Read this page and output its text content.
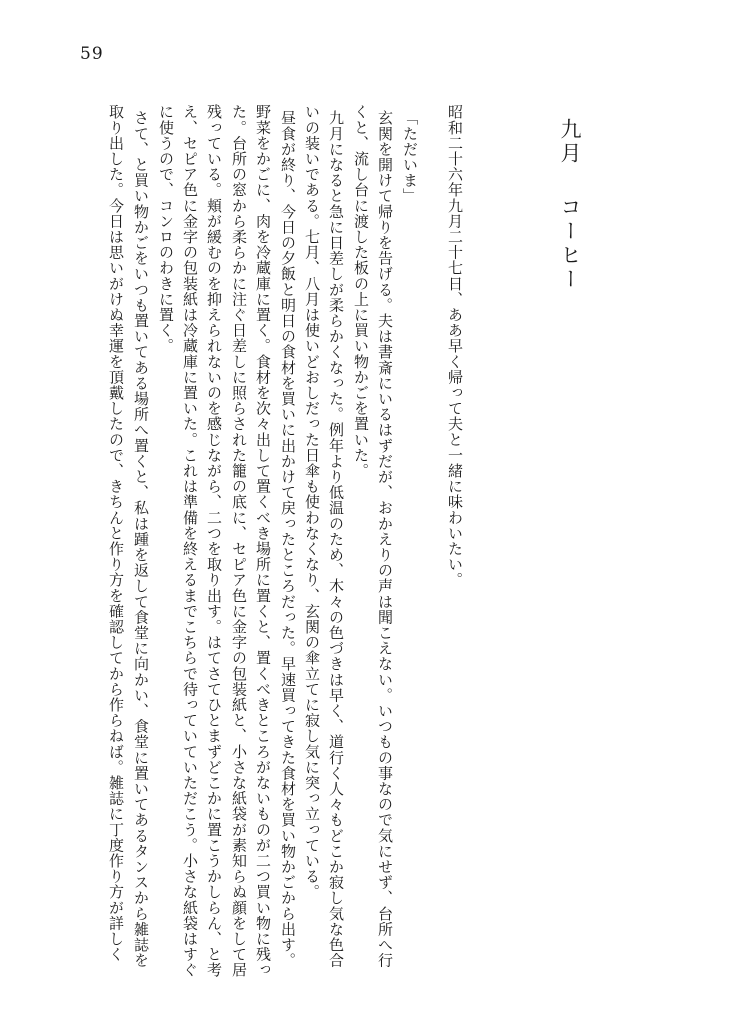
59
九月コーヒー
昭和二十六年九月二十七日、ああ早く帰って夫と一緒に味わいたい。
「ただいま」
玄関を開けて帰りを告げる。夫は書斎にいるはずだが、おかえりの声は聞こえない。いつもの事なので気にせず、台所へ行
くと、流し台に渡した板の上に買い物かごを置いた。
九月になると急に日差しが柔らかくなった。例年より低温のため、木々の色づきは早く、道行く人々もどこか寂し気な色合
いの装いである。七月、八月は使いどおしだった日傘も使わなくなり、玄関の傘立てに寂し気に突っ立っている。
昼食が終り、今日の夕飯と明日の食材を買いに出かけて戻ったところだった。早速買ってきた食材を買い物かごから出す。
野菜をかごに、肉を冷蔵庫に置く。食材を次々出して置くべき場所に置くと、置くべきところがないものが二つ買い物に残っ
た。台所の窓から柔らかに注ぐ日差しに照らされた籠の底に、セピア色に金字の包装紙と、小さな紙袋が素知らぬ顔をして居
残っている。頬が緩むのを抑えられないのを感じながら、二つを取り出す。はてさてひとまずどこかに置こうかしらん、と考
え、セピア色に金字の包装紙は冷蔵庫に置いた。これは準備を終えるまでこちらで待っていていただこう。小さな紙袋はすぐ
に使うので、コンロのわきに置く。
さて、と買い物かごをいつも置いてある場所へ置くと、私は踵を返して食堂に向かい、食堂に置いてあるタンスから雑誌を
取り出した。今日は思いがけぬ幸運を頂戴したので、きちんと作り方を確認してから作らねば。雑誌に丁度作り方が詳しく
